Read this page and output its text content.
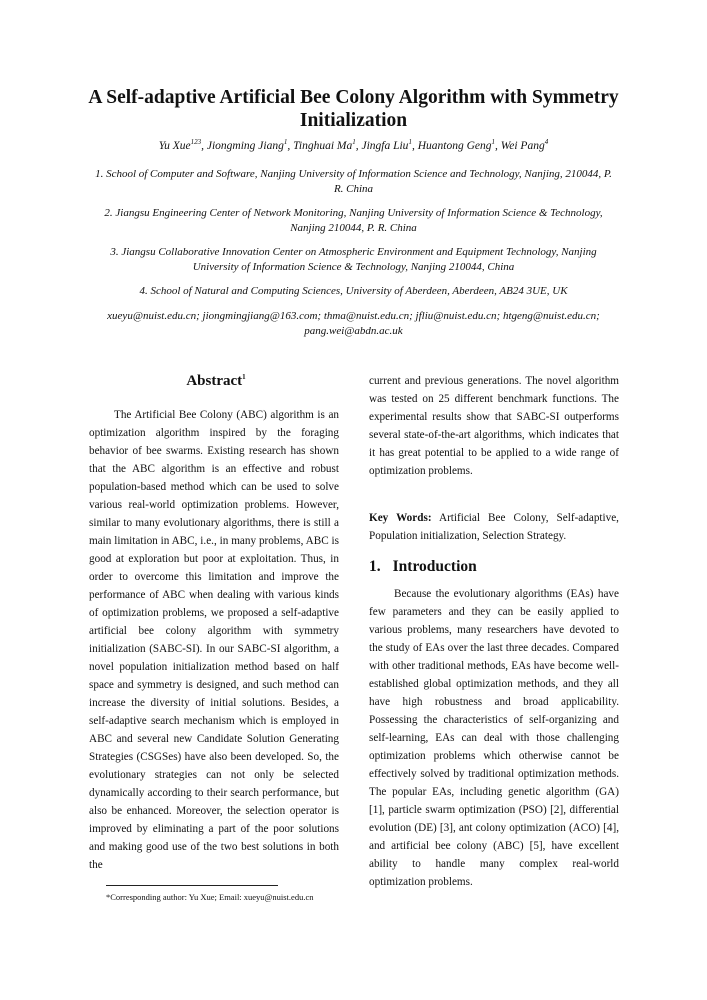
A Self-adaptive Artificial Bee Colony Algorithm with Symmetry Initialization
Yu Xue$^{123}$, Jiongming Jiang$^1$, Tinghuai Ma$^1$, Jingfa Liu$^1$, Huantong Geng$^1$, Wei Pang$^4$
1. School of Computer and Software, Nanjing University of Information Science and Technology, Nanjing, 210044, P. R. China
2. Jiangsu Engineering Center of Network Monitoring, Nanjing University of Information Science & Technology, Nanjing 210044, P. R. China
3. Jiangsu Collaborative Innovation Center on Atmospheric Environment and Equipment Technology, Nanjing University of Information Science & Technology, Nanjing 210044, China
4. School of Natural and Computing Sciences, University of Aberdeen, Aberdeen, AB24 3UE, UK
xueyu@nuist.edu.cn; jiongmingjiang@163.com; thma@nuist.edu.cn; jfliu@nuist.edu.cn; htgeng@nuist.edu.cn; pang.wei@abdn.ac.uk
Abstract$^1$

The Artificial Bee Colony (ABC) algorithm is an optimization algorithm inspired by the foraging behavior of bee swarms. Existing research has shown that the ABC algorithm is an effective and robust population-based method which can be used to solve various real-world optimization problems. However, similar to many evolutionary algorithms, there is still a main limitation in ABC, i.e., in many problems, ABC is good at exploration but poor at exploitation. Thus, in order to overcome this limitation and improve the performance of ABC when dealing with various kinds of optimization problems, we proposed a self-adaptive artificial bee colony algorithm with symmetry initialization (SABC-SI). In our SABC-SI algorithm, a novel population initialization method based on half space and symmetry is designed, and such method can increase the diversity of initial solutions. Besides, a self-adaptive search mechanism which is employed in ABC and several new Candidate Solution Generating Strategies (CSGSes) have also been developed. So, the evolutionary strategies can not only be selected dynamically according to their search performance, but also be enhanced. Moreover, the selection operator is improved by eliminating a part of the poor solutions and making good use of the two best solutions in both the

current and previous generations. The novel algorithm was tested on 25 different benchmark functions. The experimental results show that SABC-SI outperforms several state-of-the-art algorithms, which indicates that it has great potential to be applied to a wide range of optimization problems.

Key Words: Artificial Bee Colony, Self-adaptive, Population initialization, Selection Strategy.

1. Introduction

Because the evolutionary algorithms (EAs) have few parameters and they can be easily applied to various problems, many researchers have devoted to the study of EAs over the last three decades. Compared with other traditional methods, EAs have become well-established global optimization methods, and they all have high robustness and broad applicability. Possessing the characteristics of self-organizing and self-learning, EAs can deal with those challenging optimization problems which otherwise cannot be effectively solved by traditional optimization methods. The popular EAs, including genetic algorithm (GA) [1], particle swarm optimization (PSO) [2], differential evolution (DE) [3], ant colony optimization (ACO) [4], and artificial bee colony (ABC) [5], have excellent ability to handle many complex real-world optimization problems.

*Corresponding author: Yu Xue; Email: xueyu@nuist.edu.cn
